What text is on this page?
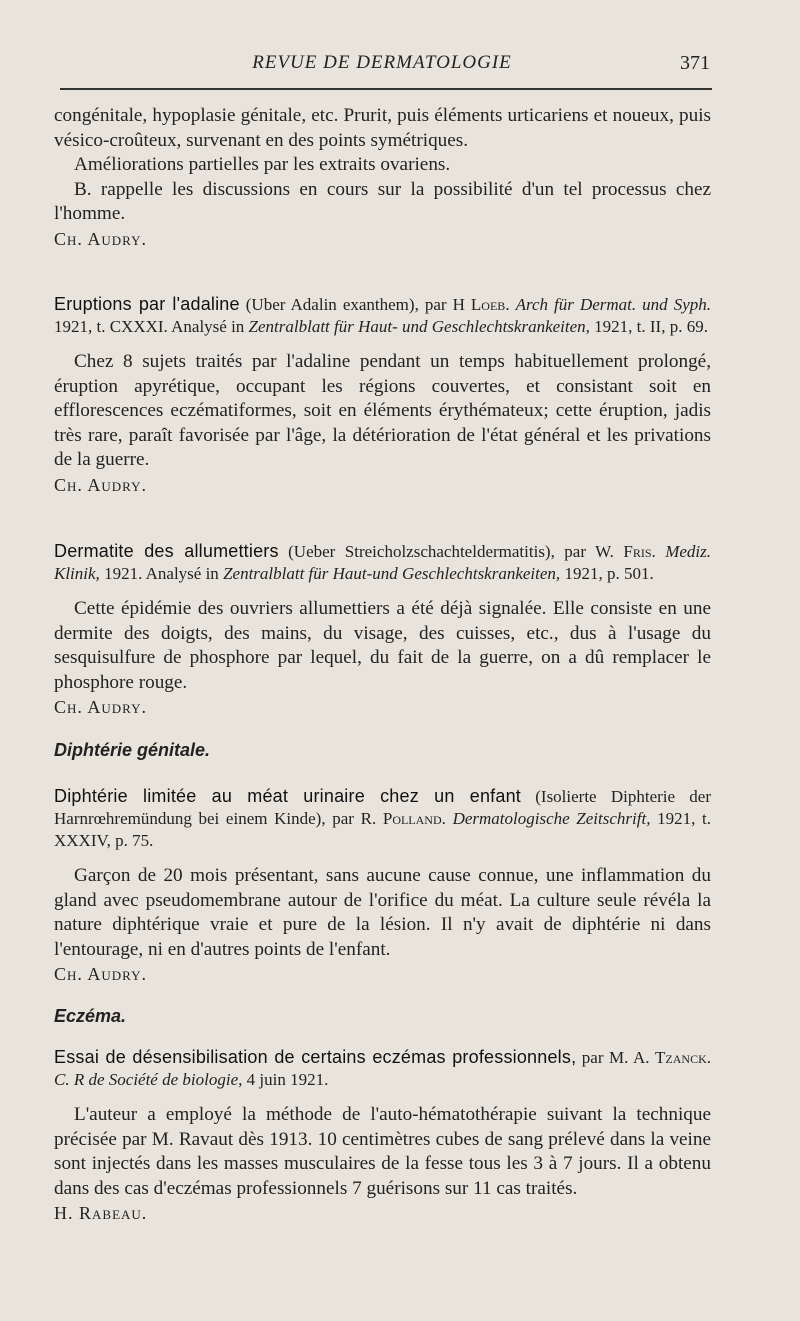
REVUE DE DERMATOLOGIE	371

congénitale, hypoplasie génitale, etc. Prurit, puis éléments urticariens et noueux, puis vésico-croûteux, survenant en des points symétriques.

Améliorations partielles par les extraits ovariens.

B. rappelle les discussions en cours sur la possibilité d'un tel processus chez l'homme.

Ch. Audry.

Eruptions par l'adaline (Uber Adalin exanthem), par H Loeb. Arch für Dermat. und Syph. 1921, t. CXXXI. Analysé in Zentralblatt für Haut- und Geschlechtskrankeiten, 1921, t. II, p. 69.

Chez 8 sujets traités par l'adaline pendant un temps habituellement prolongé, éruption apyrétique, occupant les régions couvertes, et consistant soit en efflorescences eczématiformes, soit en éléments érythémateux; cette éruption, jadis très rare, paraît favorisée par l'âge, la détérioration de l'état général et les privations de la guerre.

Ch. Audry.

Dermatite des allumettiers (Ueber Streicholzschachteldermatitis), par W. Fris. Mediz. Klinik, 1921. Analysé in Zentralblatt für Haut-und Geschlechtskrankeiten, 1921, p. 501.

Cette épidémie des ouvriers allumettiers a été déjà signalée. Elle consiste en une dermite des doigts, des mains, du visage, des cuisses, etc., dus à l'usage du sesquisulfure de phosphore par lequel, du fait de la guerre, on a dû remplacer le phosphore rouge.

Ch. Audry.

Diphtérie génitale.

Diphtérie limitée au méat urinaire chez un enfant (Isolierte Diphterie der Harnrœhremündung bei einem Kinde), par R. Polland. Dermatologische Zeitschrift, 1921, t. XXXIV, p. 75.

Garçon de 20 mois présentant, sans aucune cause connue, une inflammation du gland avec pseudomembrane autour de l'orifice du méat. La culture seule révéla la nature diphtérique vraie et pure de la lésion. Il n'y avait de diphtérie ni dans l'entourage, ni en d'autres points de l'enfant.

Ch. Audry.

Eczéma.

Essai de désensibilisation de certains eczémas professionnels, par M. A. Tzanck. C. R de Société de biologie, 4 juin 1921.

L'auteur a employé la méthode de l'auto-hématothérapie suivant la technique précisée par M. Ravaut dès 1913. 10 centimètres cubes de sang prélevé dans la veine sont injectés dans les masses musculaires de la fesse tous les 3 à 7 jours. Il a obtenu dans des cas d'eczémas professionnels 7 guérisons sur 11 cas traités.

H. Rabeau.
